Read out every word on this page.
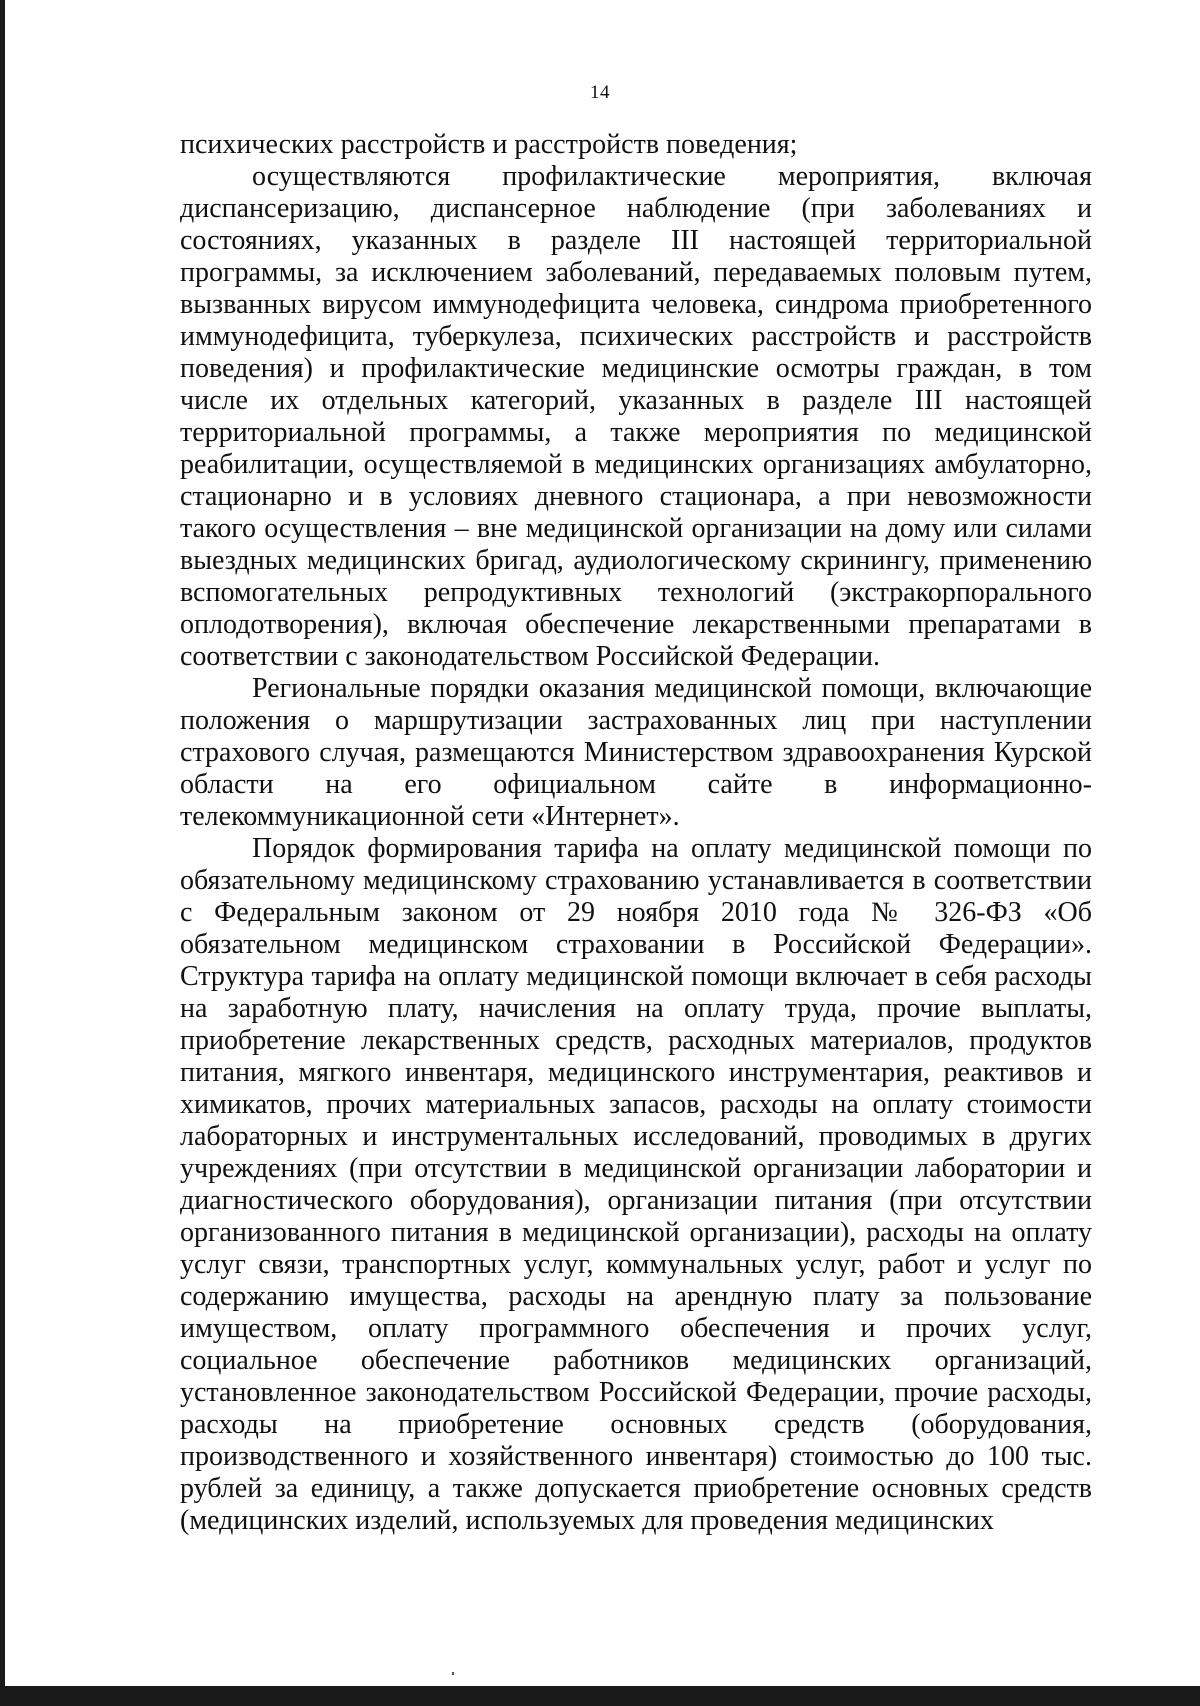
14

психических расстройств и расстройств поведения;

осуществляются профилактические мероприятия, включая диспансеризацию, диспансерное наблюдение (при заболеваниях и состояниях, указанных в разделе III настоящей территориальной программы, за исключением заболеваний, передаваемых половым путем, вызванных вирусом иммунодефицита человека, синдрома приобретенного иммунодефицита, туберкулеза, психических расстройств и расстройств поведения) и профилактические медицинские осмотры граждан, в том числе их отдельных категорий, указанных в разделе III настоящей территориальной программы, а также мероприятия по медицинской реабилитации, осуществляемой в медицинских организациях амбулаторно, стационарно и в условиях дневного стационара, а при невозможности такого осуществления – вне медицинской организации на дому или силами выездных медицинских бригад, аудиологическому скринингу, применению вспомогательных репродуктивных технологий (экстракорпорального оплодотворения), включая обеспечение лекарственными препаратами в соответствии с законодательством Российской Федерации.

Региональные порядки оказания медицинской помощи, включающие положения о маршрутизации застрахованных лиц при наступлении страхового случая, размещаются Министерством здравоохранения Курской области на его официальном сайте в информационно-телекоммуникационной сети «Интернет».

Порядок формирования тарифа на оплату медицинской помощи по обязательному медицинскому страхованию устанавливается в соответствии с Федеральным законом от 29 ноября 2010 года № 326-ФЗ «Об обязательном медицинском страховании в Российской Федерации». Структура тарифа на оплату медицинской помощи включает в себя расходы на заработную плату, начисления на оплату труда, прочие выплаты, приобретение лекарственных средств, расходных материалов, продуктов питания, мягкого инвентаря, медицинского инструментария, реактивов и химикатов, прочих материальных запасов, расходы на оплату стоимости лабораторных и инструментальных исследований, проводимых в других учреждениях (при отсутствии в медицинской организации лаборатории и диагностического оборудования), организации питания (при отсутствии организованного питания в медицинской организации), расходы на оплату услуг связи, транспортных услуг, коммунальных услуг, работ и услуг по содержанию имущества, расходы на арендную плату за пользование имуществом, оплату программного обеспечения и прочих услуг, социальное обеспечение работников медицинских организаций, установленное законодательством Российской Федерации, прочие расходы, расходы на приобретение основных средств (оборудования, производственного и хозяйственного инвентаря) стоимостью до 100 тыс. рублей за единицу, а также допускается приобретение основных средств (медицинских изделий, используемых для проведения медицинских
